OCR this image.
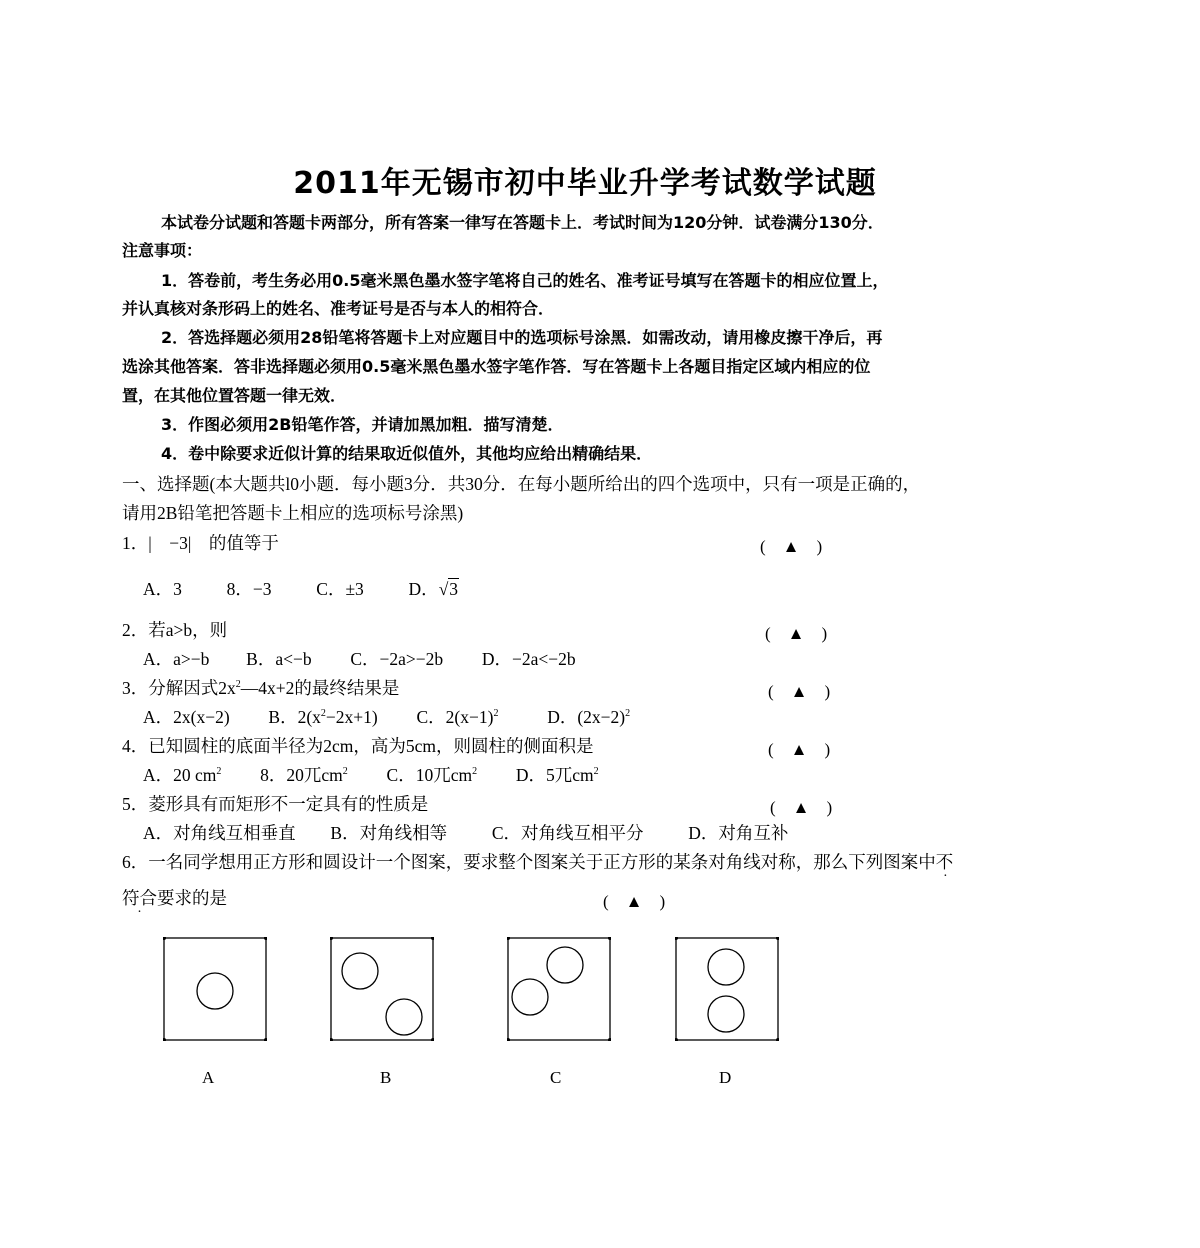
2011年无锡市初中毕业升学考试数学试题
本试卷分试题和答题卡两部分，所有答案一律写在答题卡上．考试时间为120分钟．试卷满分130分．
注意事项：
1．答卷前，考生务必用0.5毫米黑色墨水签字笔将自己的姓名、准考证号填写在答题卡的相应位置上，
并认真核对条形码上的姓名、准考证号是否与本人的相符合．
2．答选择题必须用28铅笔将答题卡上对应题目中的选项标号涂黑．如需改动，请用橡皮擦干净后，再
选涂其他答案．答非选择题必须用0.5毫米黑色墨水签字笔作答．写在答题卡上各题目指定区域内相应的位
置，在其他位置答题一律无效．
3．作图必须用2B铅笔作答，并请加黑加粗．描写清楚．
4．卷中除要求近似计算的结果取近似值外，其他均应给出精确结果．
一、选择题(本大题共l0小题．每小题3分．共30分．在每小题所给出的四个选项中，只有一项是正确的，
请用2B铅笔把答题卡上相应的选项标号涂黑)
1．|　−3|　 的值等于	(　▲　)
A．3	8．−3	C．±3	D．√3
2．若a>b，则	(　▲　)
A．a>−b B．a<−b C．−2a>−2b D．−2a<−2b
3．分解因式$2x^2—4x+2$的最终结果是	(　▲　)
A．2x(x−2) B．$2(x^2-2x+1)$ C．$2(x-1)^2$	D．$(2x-2)^2$
4．已知圆柱的底面半径为2cm，高为5cm，则圆柱的侧面积是	(　▲　)
A．20 $cm^2$ 8．20兀$cm^2$ C．10兀$cm^2$ D．5兀$cm^2$
5．菱形具有而矩形不一定具有的性质是	(　▲　)
A．对角线互相垂直 B．对角线相等	C．对角线互相平分	D．对角互补
6．一名同学想用正方形和圆设计一个图案，要求整个图案关于正方形的某条对角线对称，那么下列图案中不
符合要求的是	(　▲　)
A	B	C	D
